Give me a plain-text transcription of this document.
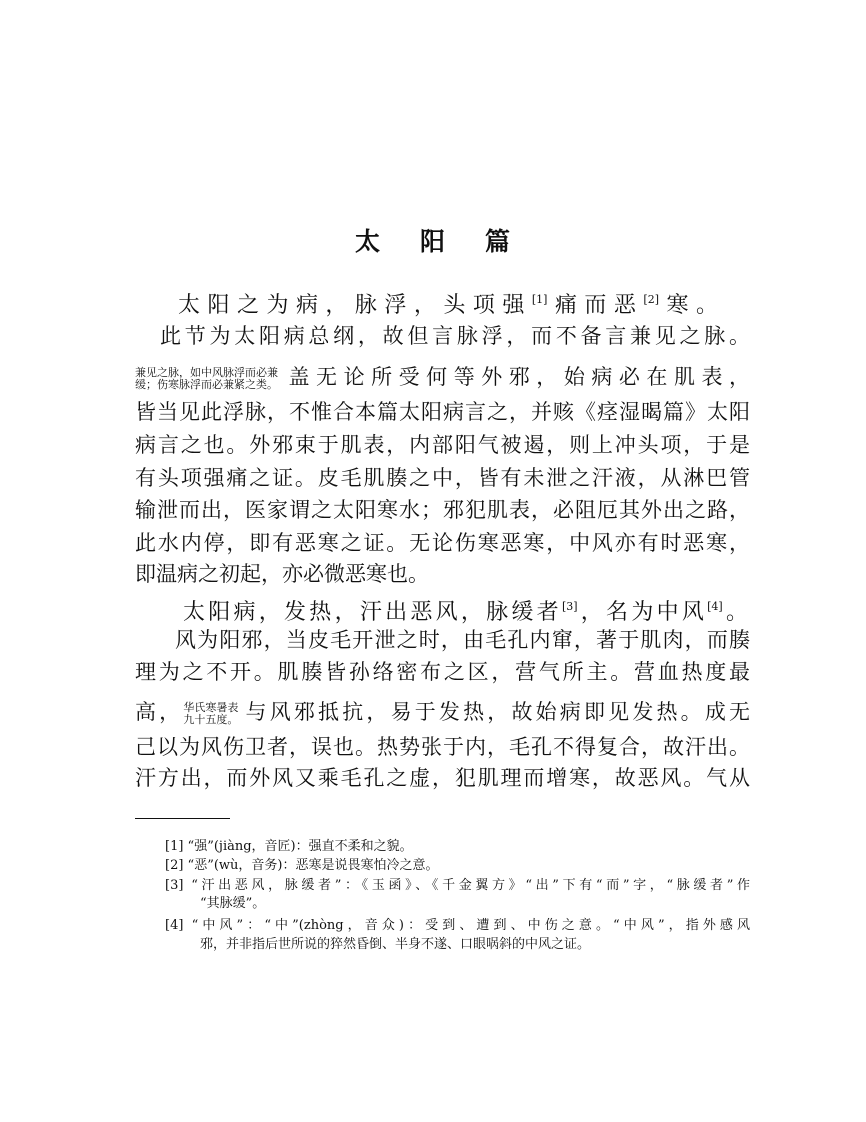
太 阳 篇
太阳之为病，脉浮，头项强[1]痛而恶[2]寒。
此节为太阳病总纲，故但言脉浮，而不备言兼见之脉。
兼见之脉，如中风脉浮而必兼
缓；伤寒脉浮而必兼紧之类。 盖无论所受何等外邪，始病必在肌表，
皆当见此浮脉，不惟合本篇太阳病言之，并赅《痉湿暍篇》太阳
病言之也。外邪束于肌表，内部阳气被遏，则上冲头项，于是
有头项强痛之证。皮毛肌腠之中，皆有未泄之汗液，从淋巴管
输泄而出，医家谓之太阳寒水；邪犯肌表，必阻厄其外出之路，
此水内停，即有恶寒之证。无论伤寒恶寒，中风亦有时恶寒，
即温病之初起，亦必微恶寒也。
太阳病，发热，汗出恶风，脉缓者[3]，名为中风[4]。
风为阳邪，当皮毛开泄之时，由毛孔内窜，著于肌肉，而腠
理为之不开。肌腠皆孙络密布之区，营气所主。营血热度最
高，华氏寒暑表
九十五度。 与风邪抵抗，易于发热，故始病即见发热。成无
己以为风伤卫者，误也。热势张于内，毛孔不得复合，故汗出。
汗方出，而外风又乘毛孔之虚，犯肌理而增寒，故恶风。气从
[1] “强”(jiàng，音匠)：强直不柔和之貌。
[2] “恶”(wù，音务)：恶寒是说畏寒怕冷之意。
[3] “汗出恶风，脉缓者”：《玉函》、《千金翼方》“出”下有“而”字，“脉缓者”作
“其脉缓”。
[4] “中风”：“中”(zhòng，音众)：受到、遭到、中伤之意。“中风”，指外感风
邪，并非指后世所说的猝然昏倒、半身不遂、口眼㖞斜的中风之证。
